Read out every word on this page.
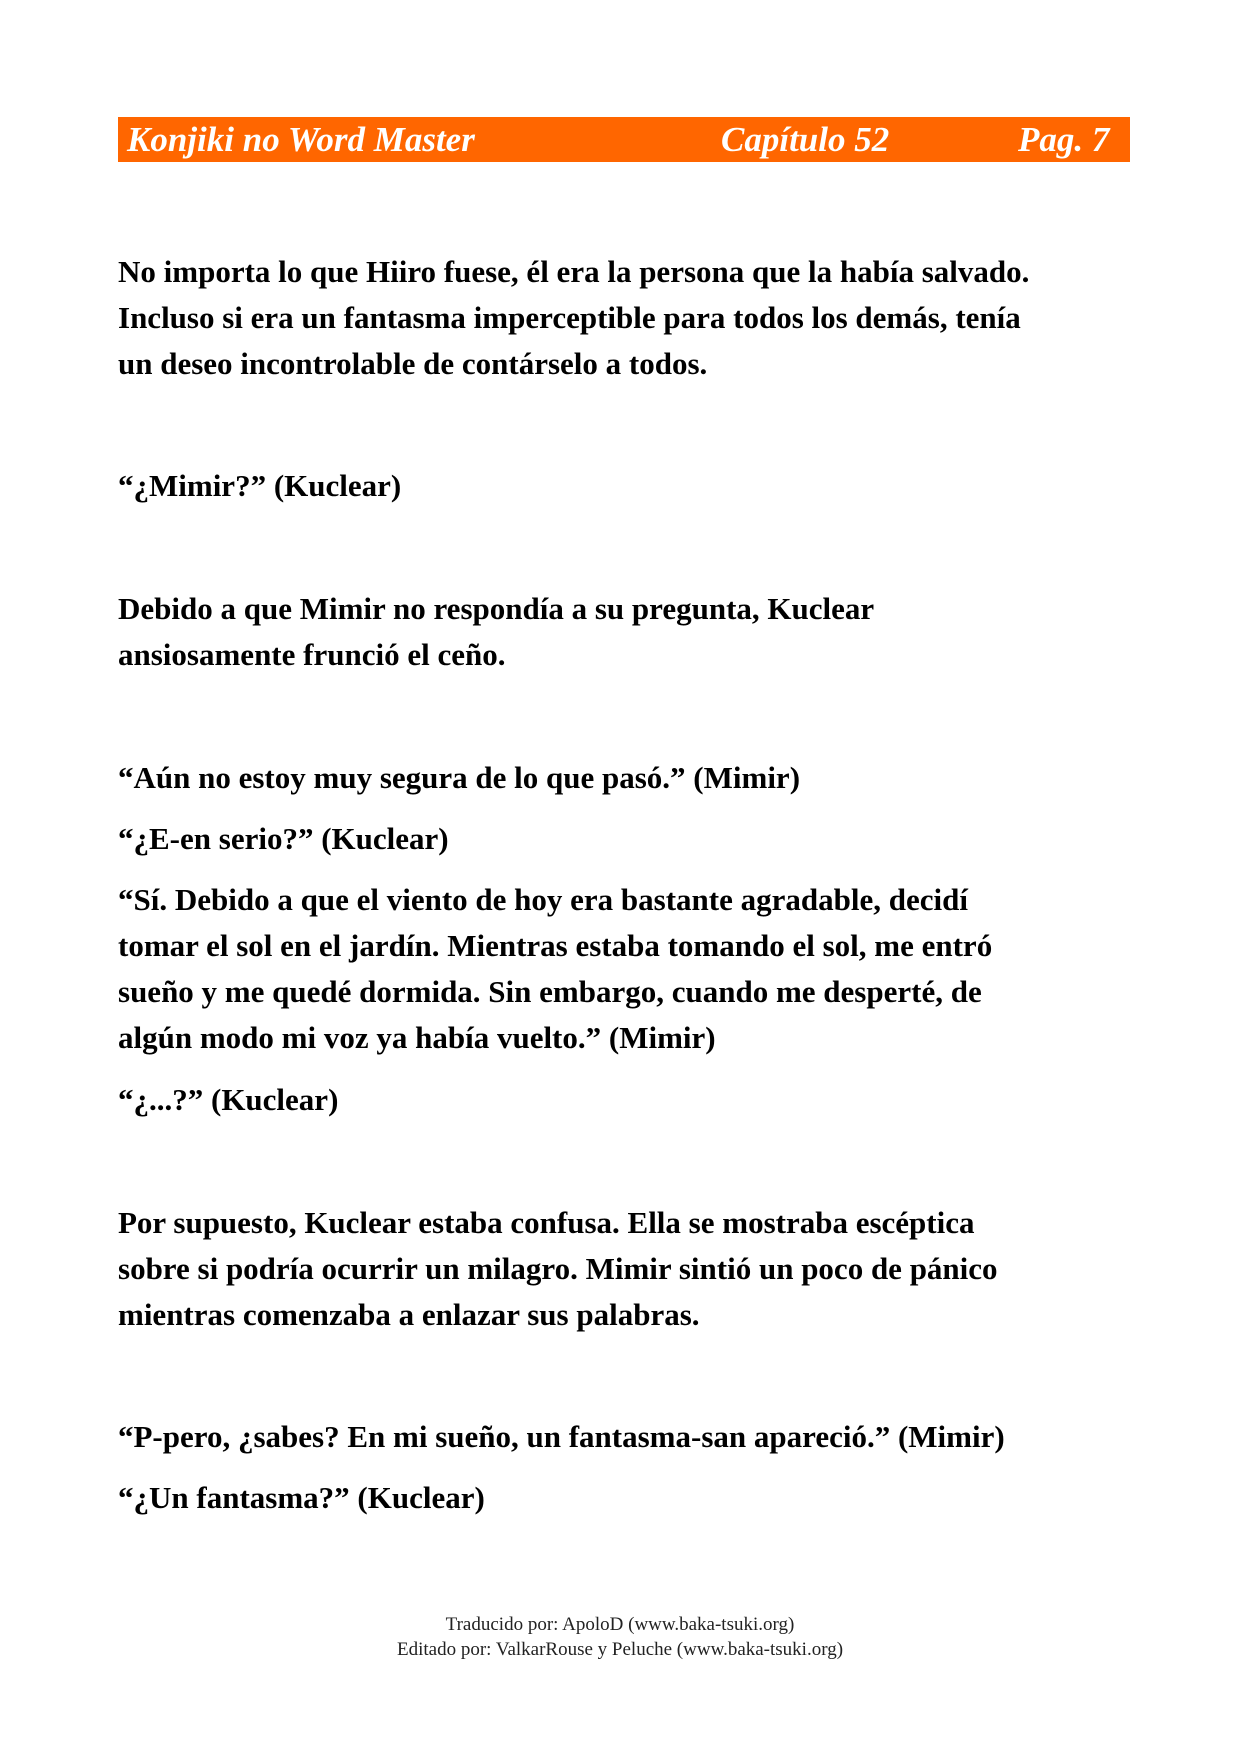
Konjiki no Word Master	Capítulo 52	Pag. 7
No importa lo que Hiiro fuese, él era la persona que la había salvado.
Incluso si era un fantasma imperceptible para todos los demás, tenía
un deseo incontrolable de contárselo a todos.
“¿Mimir?” (Kuclear)
Debido a que Mimir no respondía a su pregunta, Kuclear
ansiosamente frunció el ceño.
“Aún no estoy muy segura de lo que pasó.” (Mimir)
“¿E-en serio?” (Kuclear)
“Sí. Debido a que el viento de hoy era bastante agradable, decidí
tomar el sol en el jardín. Mientras estaba tomando el sol, me entró
sueño y me quedé dormida. Sin embargo, cuando me desperté, de
algún modo mi voz ya había vuelto.” (Mimir)
“¿...?” (Kuclear)
Por supuesto, Kuclear estaba confusa. Ella se mostraba escéptica
sobre si podría ocurrir un milagro. Mimir sintió un poco de pánico
mientras comenzaba a enlazar sus palabras.
“P-pero, ¿sabes? En mi sueño, un fantasma-san apareció.” (Mimir)
“¿Un fantasma?” (Kuclear)
Traducido por: ApoloD (www.baka-tsuki.org)
Editado por: ValkarRouse y Peluche (www.baka-tsuki.org)
